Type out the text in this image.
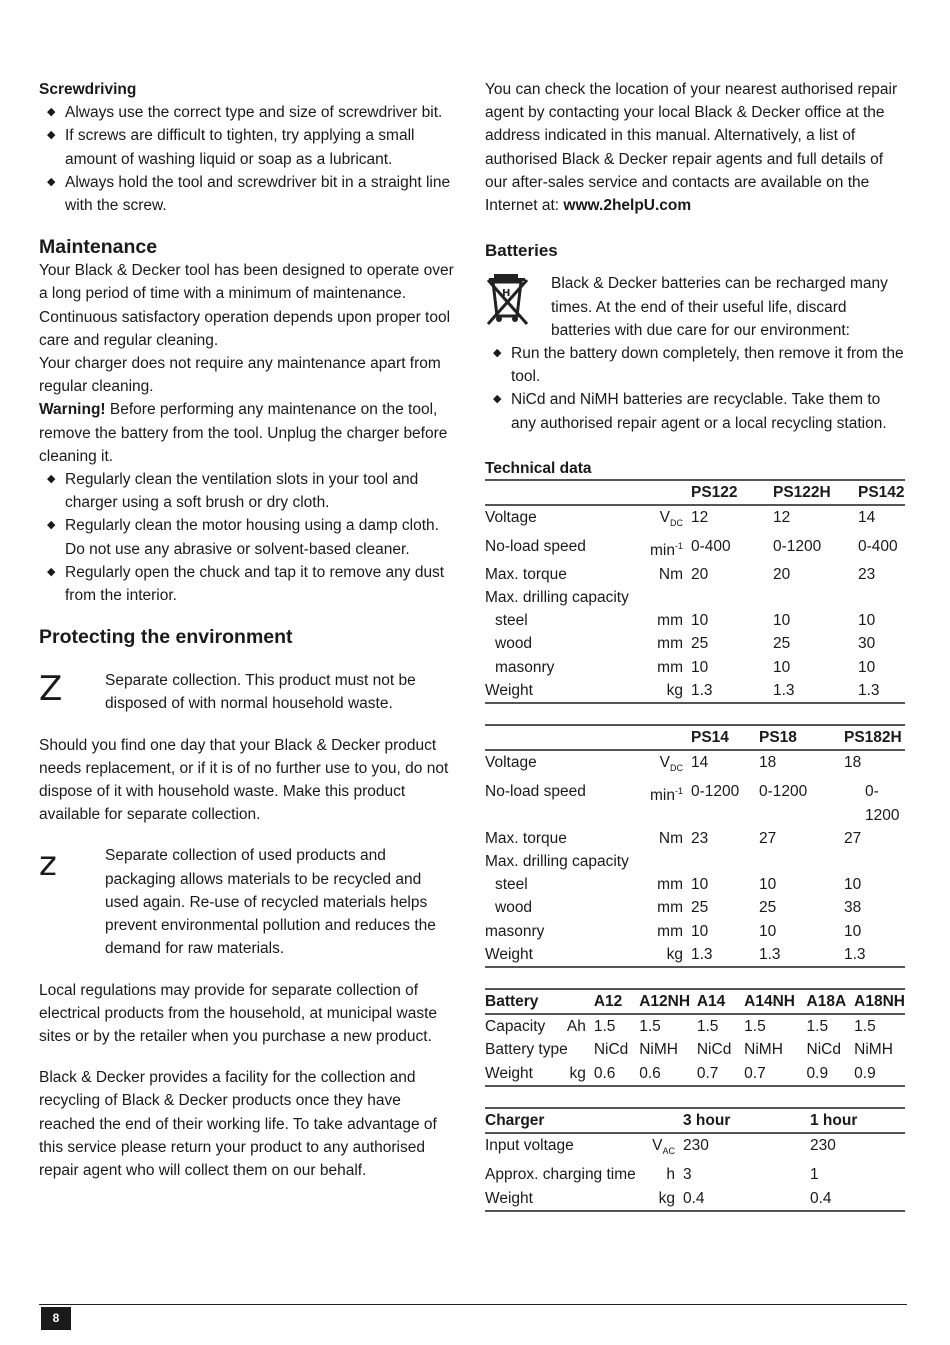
Screwdriving

◆ Always use the correct type and size of screwdriver bit.
◆ If screws are difficult to tighten, try applying a small amount of washing liquid or soap as a lubricant.
◆ Always hold the tool and screwdriver bit in a straight line with the screw.

Maintenance

Your Black & Decker tool has been designed to operate over a long period of time with a minimum of maintenance. Continuous satisfactory operation depends upon proper tool care and regular cleaning.

Your charger does not require any maintenance apart from regular cleaning.

Warning! Before performing any maintenance on the tool, remove the battery from the tool. Unplug the charger before cleaning it.

◆ Regularly clean the ventilation slots in your tool and charger using a soft brush or dry cloth.
◆ Regularly clean the motor housing using a damp cloth. Do not use any abrasive or solvent-based cleaner.
◆ Regularly open the chuck and tap it to remove any dust from the interior.

Protecting the environment

Z	Separate collection. This product must not be disposed of with normal household waste.

Should you find one day that your Black & Decker product needs replacement, or if it is of no further use to you, do not dispose of it with household waste. Make this product available for separate collection.

z	Separate collection of used products and packaging allows materials to be recycled and used again. Re-use of recycled materials helps prevent environmental pollution and reduces the demand for raw materials.

Local regulations may provide for separate collection of electrical products from the household, at municipal waste sites or by the retailer when you purchase a new product.

Black & Decker provides a facility for the collection and recycling of Black & Decker products once they have reached the end of their working life. To take advantage of this service please return your product to any authorised repair agent who will collect them on our behalf.

You can check the location of your nearest authorised repair agent by contacting your local Black & Decker office at the address indicated in this manual. Alternatively, a list of authorised Black & Decker repair agents and full details of our after-sales service and contacts are available on the Internet at: www.2helpU.com

Batteries

H

Black & Decker batteries can be recharged many times. At the end of their useful life, discard batteries with due care for our environment:

◆ Run the battery down completely, then remove it from the tool.
◆ NiCd and NiMH batteries are recyclable. Take them to any authorised repair agent or a local recycling station.

Technical data

		PS122	PS122H	PS142
Voltage	$V_{DC}$	12	12	14
No-load speed	$\min^{-1}$	0-400	0-1200	0-400
Max. torque	Nm	20	20	23
Max. drilling capacity				
steel	mm	10	10	10
wood	mm	25	25	30
masonry	mm	10	10	10
Weight	kg	1.3	1.3	1.3
		PS14	PS18	PS182H
Voltage	$V_{DC}$	14	18	18
No-load speed	$\min^{-1}$	0-1200	0-1200	0-1200
Max. torque	Nm	23	27	27
Max. drilling capacity				
steel	mm	10	10	10
wood	mm	25	25	38
masonry	mm	10	10	10
Weight	kg	1.3	1.3	1.3
Battery		A12	A12NH	A14	A14NH	A18A	A18NH
Capacity	Ah	1.5	1.5	1.5	1.5	1.5	1.5
Battery type		NiCd	NiMH	NiCd	NiMH	NiCd	NiMH
Weight	kg	0.6	0.6	0.7	0.7	0.9	0.9
Charger		3 hour	1 hour
Input voltage	$V_{AC}$	230	230
Approx. charging time	h	3	1
Weight	kg	0.4	0.4
8
